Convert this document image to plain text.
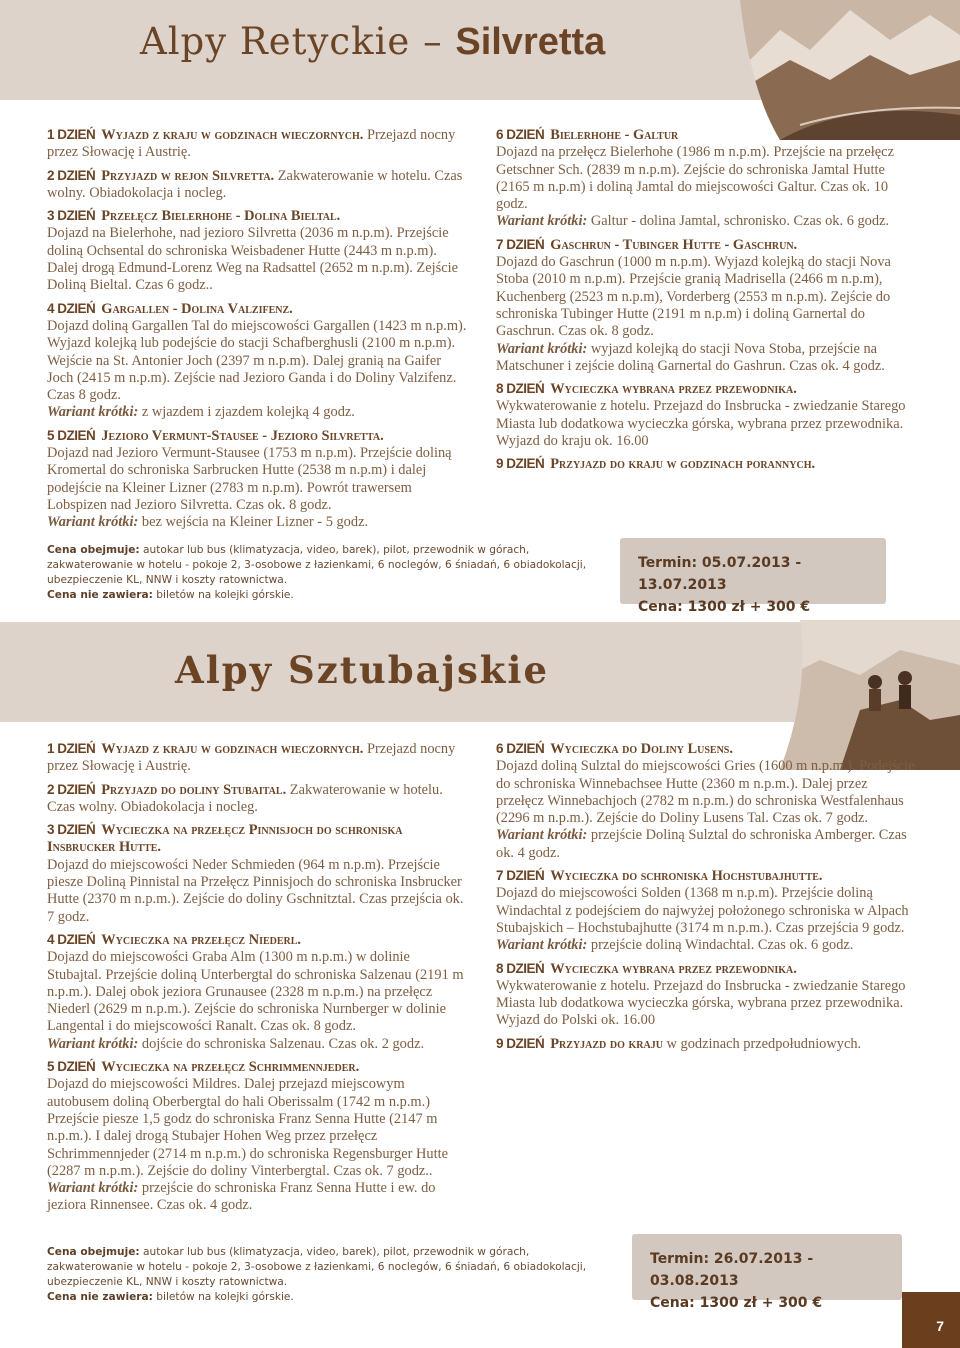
Alpy Retyckie – Silvretta

1 DZIEŃ Wyjazd z kraju w godzinach wieczornych. Przejazd nocny przez Słowację i Austrię.

2 DZIEŃ Przyjazd w rejon Silvretta. Zakwaterowanie w hotelu. Czas wolny. Obiadokolacja i nocleg.

3 DZIEŃ Przełęcz Bielerhohe - Dolina Bieltal.
Dojazd na Bielerhohe, nad jezioro Silvretta (2036 m n.p.m). Przejście doliną Ochsental do schroniska Weisbadener Hutte (2443 m n.p.m). Dalej drogą Edmund-Lorenz Weg na Radsattel (2652 m n.p.m). Zejście Doliną Bieltal. Czas 6 godz..

4 DZIEŃ Gargallen - Dolina Valzifenz.
Dojazd doliną Gargallen Tal do miejscowości Gargallen (1423 m n.p.m). Wyjazd kolejką lub podejście do stacji Schafberghusli (2100 m n.p.m). Wejście na St. Antonier Joch (2397 m n.p.m). Dalej granią na Gaifer Joch (2415 m n.p.m). Zejście nad Jezioro Ganda i do Doliny Valzifenz. Czas 8 godz.
Wariant krótki: z wjazdem i zjazdem kolejką 4 godz.

5 DZIEŃ Jezioro Vermunt-Stausee - Jezioro Silvretta.
Dojazd nad Jezioro Vermunt-Stausee (1753 m n.p.m). Przejście doliną Kromertal do schroniska Sarbrucken Hutte (2538 m n.p.m) i dalej podejście na Kleiner Lizner (2783 m n.p.m). Powrót trawersem Lobspizen nad Jezioro Silvretta. Czas ok. 8 godz.
Wariant krótki: bez wejścia na Kleiner Lizner - 5 godz.

6 DZIEŃ Bielerhohe - Galtur
Dojazd na przełęcz Bielerhohe (1986 m n.p.m). Przejście na przełęcz Getschner Sch. (2839 m n.p.m). Zejście do schroniska Jamtal Hutte (2165 m n.p.m) i doliną Jamtal do miejscowości Galtur. Czas ok. 10 godz.
Wariant krótki: Galtur - dolina Jamtal, schronisko. Czas ok. 6 godz.

7 DZIEŃ Gaschrun - Tubinger Hutte - Gaschrun.
Dojazd do Gaschrun (1000 m n.p.m). Wyjazd kolejką do stacji Nova Stoba (2010 m n.p.m). Przejście granią Madrisella (2466 m n.p.m), Kuchenberg (2523 m n.p.m), Vorderberg (2553 m n.p.m). Zejście do schroniska Tubinger Hutte (2191 m n.p.m) i doliną Garnertal do Gaschrun. Czas ok. 8 godz.
Wariant krótki: wyjazd kolejką do stacji Nova Stoba, przejście na Matschuner i zejście doliną Garnertal do Gashrun. Czas ok. 4 godz.

8 DZIEŃ Wycieczka wybrana przez przewodnika.
Wykwaterowanie z hotelu. Przejazd do Insbrucka - zwiedzanie Starego Miasta lub dodatkowa wycieczka górska, wybrana przez przewodnika. Wyjazd do kraju ok. 16.00

9 DZIEŃ Przyjazd do kraju w godzinach porannych.

Cena obejmuje: autokar lub bus (klimatyzacja, video, barek), pilot, przewodnik w górach, zakwaterowanie w hotelu - pokoje 2, 3-osobowe z łazienkami, 6 noclegów, 6 śniadań, 6 obiadokolacji, ubezpieczenie KL, NNW i koszty ratownictwa.
Cena nie zawiera: biletów na kolejki górskie.
Termin: 05.07.2013 - 13.07.2013
Cena: 1300 zł + 300 €
Alpy Sztubajskie

1 DZIEŃ Wyjazd z kraju w godzinach wieczornych. Przejazd nocny przez Słowację i Austrię.

2 DZIEŃ Przyjazd do doliny Stubaital. Zakwaterowanie w hotelu. Czas wolny. Obiadokolacja i nocleg.

3 DZIEŃ Wycieczka na przełęcz Pinnisjoch do schroniska Insbrucker Hutte.
Dojazd do miejscowości Neder Schmieden (964 m n.p.m). Przejście piesze Doliną Pinnistal na Przełęcz Pinnisjoch do schroniska Insbrucker Hutte (2370 m n.p.m.). Zejście do doliny Gschnitztal. Czas przejścia ok. 7 godz.

4 DZIEŃ Wycieczka na przełęcz Niederl.
Dojazd do miejscowości Graba Alm (1300 m n.p.m.) w dolinie Stubajtal. Przejście doliną Unterbergtal do schroniska Salzenau (2191 m n.p.m.). Dalej obok jeziora Grunausee (2328 m n.p.m.) na przełęcz Niederl (2629 m n.p.m.). Zejście do schroniska Nurnberger w dolinie Langental i do miejscowości Ranalt. Czas ok. 8 godz.
Wariant krótki: dojście do schroniska Salzenau. Czas ok. 2 godz.

5 DZIEŃ Wycieczka na przełęcz Schrimmennjeder.
Dojazd do miejscowości Mildres. Dalej przejazd miejscowym autobusem doliną Oberbergtal do hali Oberissalm (1742 m n.p.m.) Przejście piesze 1,5 godz do schroniska Franz Senna Hutte (2147 m n.p.m.). I dalej drogą Stubajer Hohen Weg przez przełęcz Schrimmennjeder (2714 m n.p.m.) do schroniska Regensburger Hutte (2287 m n.p.m.). Zejście do doliny Vinterbergtal. Czas ok. 7 godz..
Wariant krótki: przejście do schroniska Franz Senna Hutte i ew. do jeziora Rinnensee. Czas ok. 4 godz.

6 DZIEŃ Wycieczka do Doliny Lusens.
Dojazd doliną Sulztal do miejscowości Gries (1600 m n.p.m.). Podejście do schroniska Winnebachsee Hutte (2360 m n.p.m.). Dalej przez przełęcz Winnebachjoch (2782 m n.p.m.) do schroniska Westfalenhaus (2296 m n.p.m.). Zejście do Doliny Lusens Tal. Czas ok. 7 godz.
Wariant krótki: przejście Doliną Sulztal do schroniska Amberger. Czas ok. 4 godz.

7 DZIEŃ Wycieczka do schroniska Hochstubajhutte.
Dojazd do miejscowości Solden (1368 m n.p.m). Przejście doliną Windachtal z podejściem do najwyżej położonego schroniska w Alpach Stubajskich – Hochstubajhutte (3174 m n.p.m.). Czas przejścia 9 godz.
Wariant krótki: przejście doliną Windachtal. Czas ok. 6 godz.

8 DZIEŃ Wycieczka wybrana przez przewodnika.
Wykwaterowanie z hotelu. Przejazd do Insbrucka - zwiedzanie Starego Miasta lub dodatkowa wycieczka górska, wybrana przez przewodnika. Wyjazd do Polski ok. 16.00

9 DZIEŃ Przyjazd do kraju w godzinach przedpołudniowych.

Cena obejmuje: autokar lub bus (klimatyzacja, video, barek), pilot, przewodnik w górach, zakwaterowanie w hotelu - pokoje 2, 3-osobowe z łazienkami, 6 noclegów, 6 śniadań, 6 obiadokolacji, ubezpieczenie KL, NNW i koszty ratownictwa.
Cena nie zawiera: biletów na kolejki górskie.
Termin: 26.07.2013 - 03.08.2013
Cena: 1300 zł + 300 €
7
